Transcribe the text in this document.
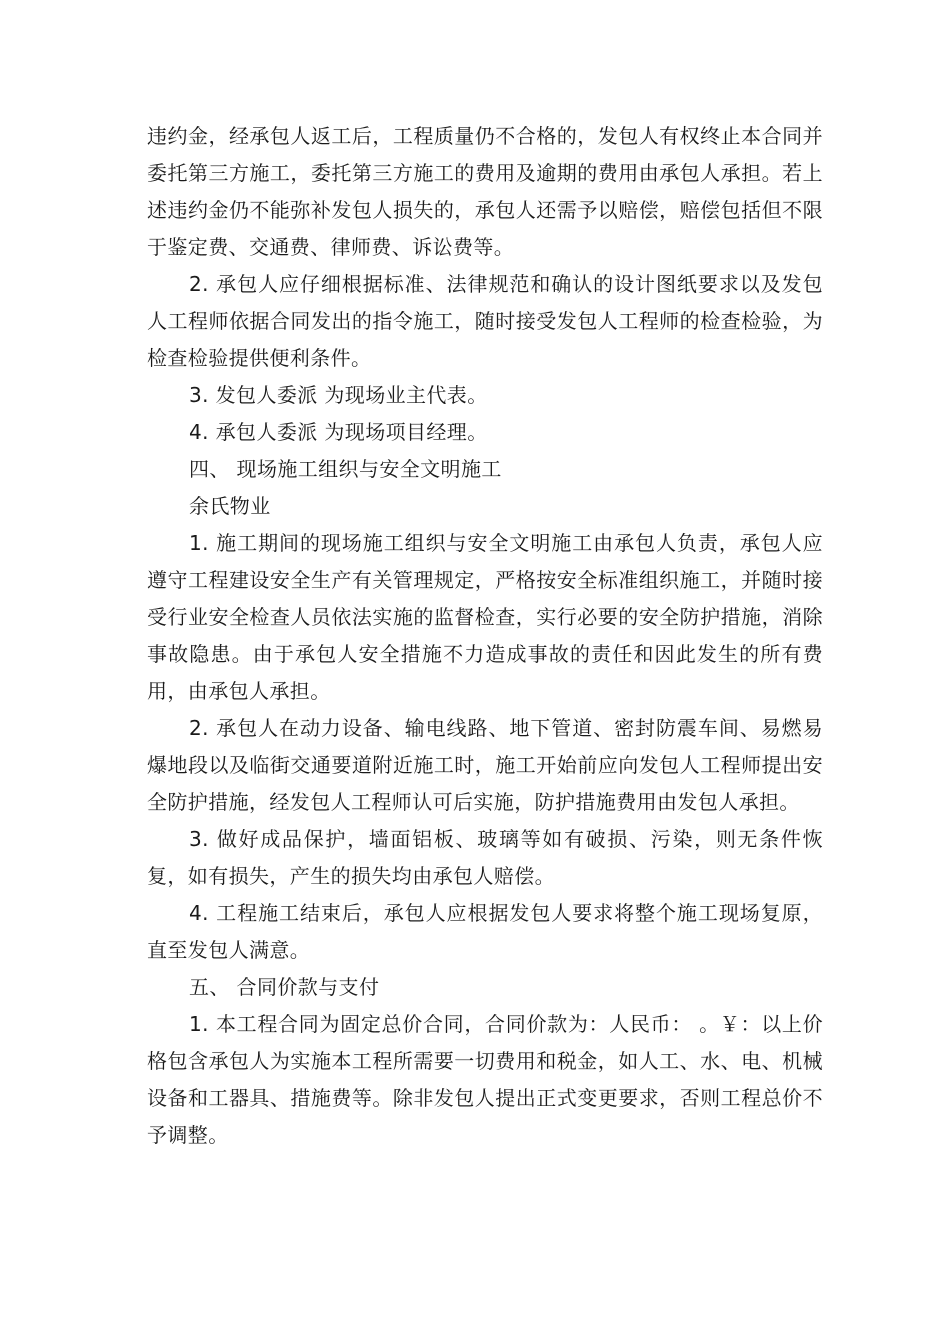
违约金，经承包人返工后，工程质量仍不合格的，发包人有权终止本合同并委托第三方施工，委托第三方施工的费用及逾期的费用由承包人承担。若上述违约金仍不能弥补发包人损失的，承包人还需予以赔偿，赔偿包括但不限于鉴定费、交通费、律师费、诉讼费等。

2. 承包人应仔细根据标准、法律规范和确认的设计图纸要求以及发包人工程师依据合同发出的指令施工，随时接受发包人工程师的检查检验，为检查检验提供便利条件。

3. 发包人委派 为现场业主代表。

4. 承包人委派 为现场项目经理。

四、 现场施工组织与安全文明施工

余氏物业

1. 施工期间的现场施工组织与安全文明施工由承包人负责，承包人应遵守工程建设安全生产有关管理规定，严格按安全标准组织施工，并随时接受行业安全检查人员依法实施的监督检查，实行必要的安全防护措施，消除事故隐患。由于承包人安全措施不力造成事故的责任和因此发生的所有费用，由承包人承担。

2. 承包人在动力设备、输电线路、地下管道、密封防震车间、易燃易爆地段以及临街交通要道附近施工时，施工开始前应向发包人工程师提出安全防护措施，经发包人工程师认可后实施，防护措施费用由发包人承担。

3. 做好成品保护，墙面铝板、玻璃等如有破损、污染，则无条件恢复，如有损失，产生的损失均由承包人赔偿。

4. 工程施工结束后，承包人应根据发包人要求将整个施工现场复原，直至发包人满意。

五、 合同价款与支付

1. 本工程合同为固定总价合同，合同价款为：人民币： 。￥：以上价格包含承包人为实施本工程所需要一切费用和税金，如人工、水、电、机械设备和工器具、措施费等。除非发包人提出正式变更要求，否则工程总价不予调整。
